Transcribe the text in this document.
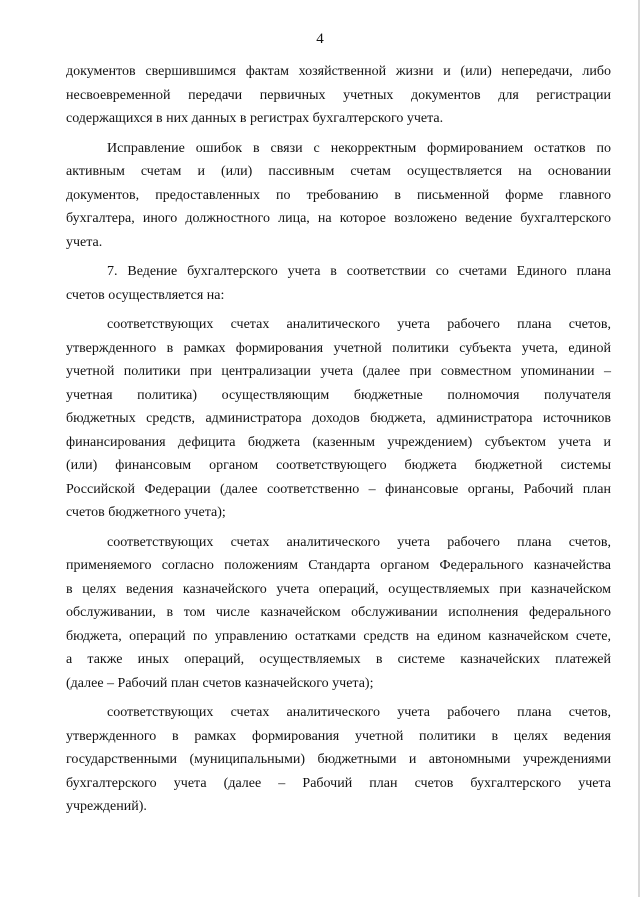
4

документов свершившимся фактам хозяйственной жизни и (или) непередачи, либо
несвоевременной передачи первичных учетных документов для регистрации
содержащихся в них данных в регистрах бухгалтерского учета.

Исправление ошибок в связи с некорректным формированием остатков по
активным счетам и (или) пассивным счетам осуществляется на основании
документов, предоставленных по требованию в письменной форме главного
бухгалтера, иного должностного лица, на которое возложено ведение бухгалтерского
учета.

7. Ведение бухгалтерского учета в соответствии со счетами Единого плана
счетов осуществляется на:

соответствующих счетах аналитического учета рабочего плана счетов,
утвержденного в рамках формирования учетной политики субъекта учета, единой
учетной политики при централизации учета (далее при совместном упоминании –
учетная политика) осуществляющим бюджетные полномочия получателя
бюджетных средств, администратора доходов бюджета, администратора источников
финансирования дефицита бюджета (казенным учреждением) субъектом учета и
(или) финансовым органом соответствующего бюджета бюджетной системы
Российской Федерации (далее соответственно – финансовые органы, Рабочий план
счетов бюджетного учета);

соответствующих счетах аналитического учета рабочего плана счетов,
применяемого согласно положениям Стандарта органом Федерального казначейства
в целях ведения казначейского учета операций, осуществляемых при казначейском
обслуживании, в том числе казначейском обслуживании исполнения федерального
бюджета, операций по управлению остатками средств на едином казначейском счете,
а также иных операций, осуществляемых в системе казначейских платежей
(далее – Рабочий план счетов казначейского учета);

соответствующих счетах аналитического учета рабочего плана счетов,
утвержденного в рамках формирования учетной политики в целях ведения
государственными (муниципальными) бюджетными и автономными учреждениями
бухгалтерского учета (далее – Рабочий план счетов бухгалтерского учета
учреждений).
